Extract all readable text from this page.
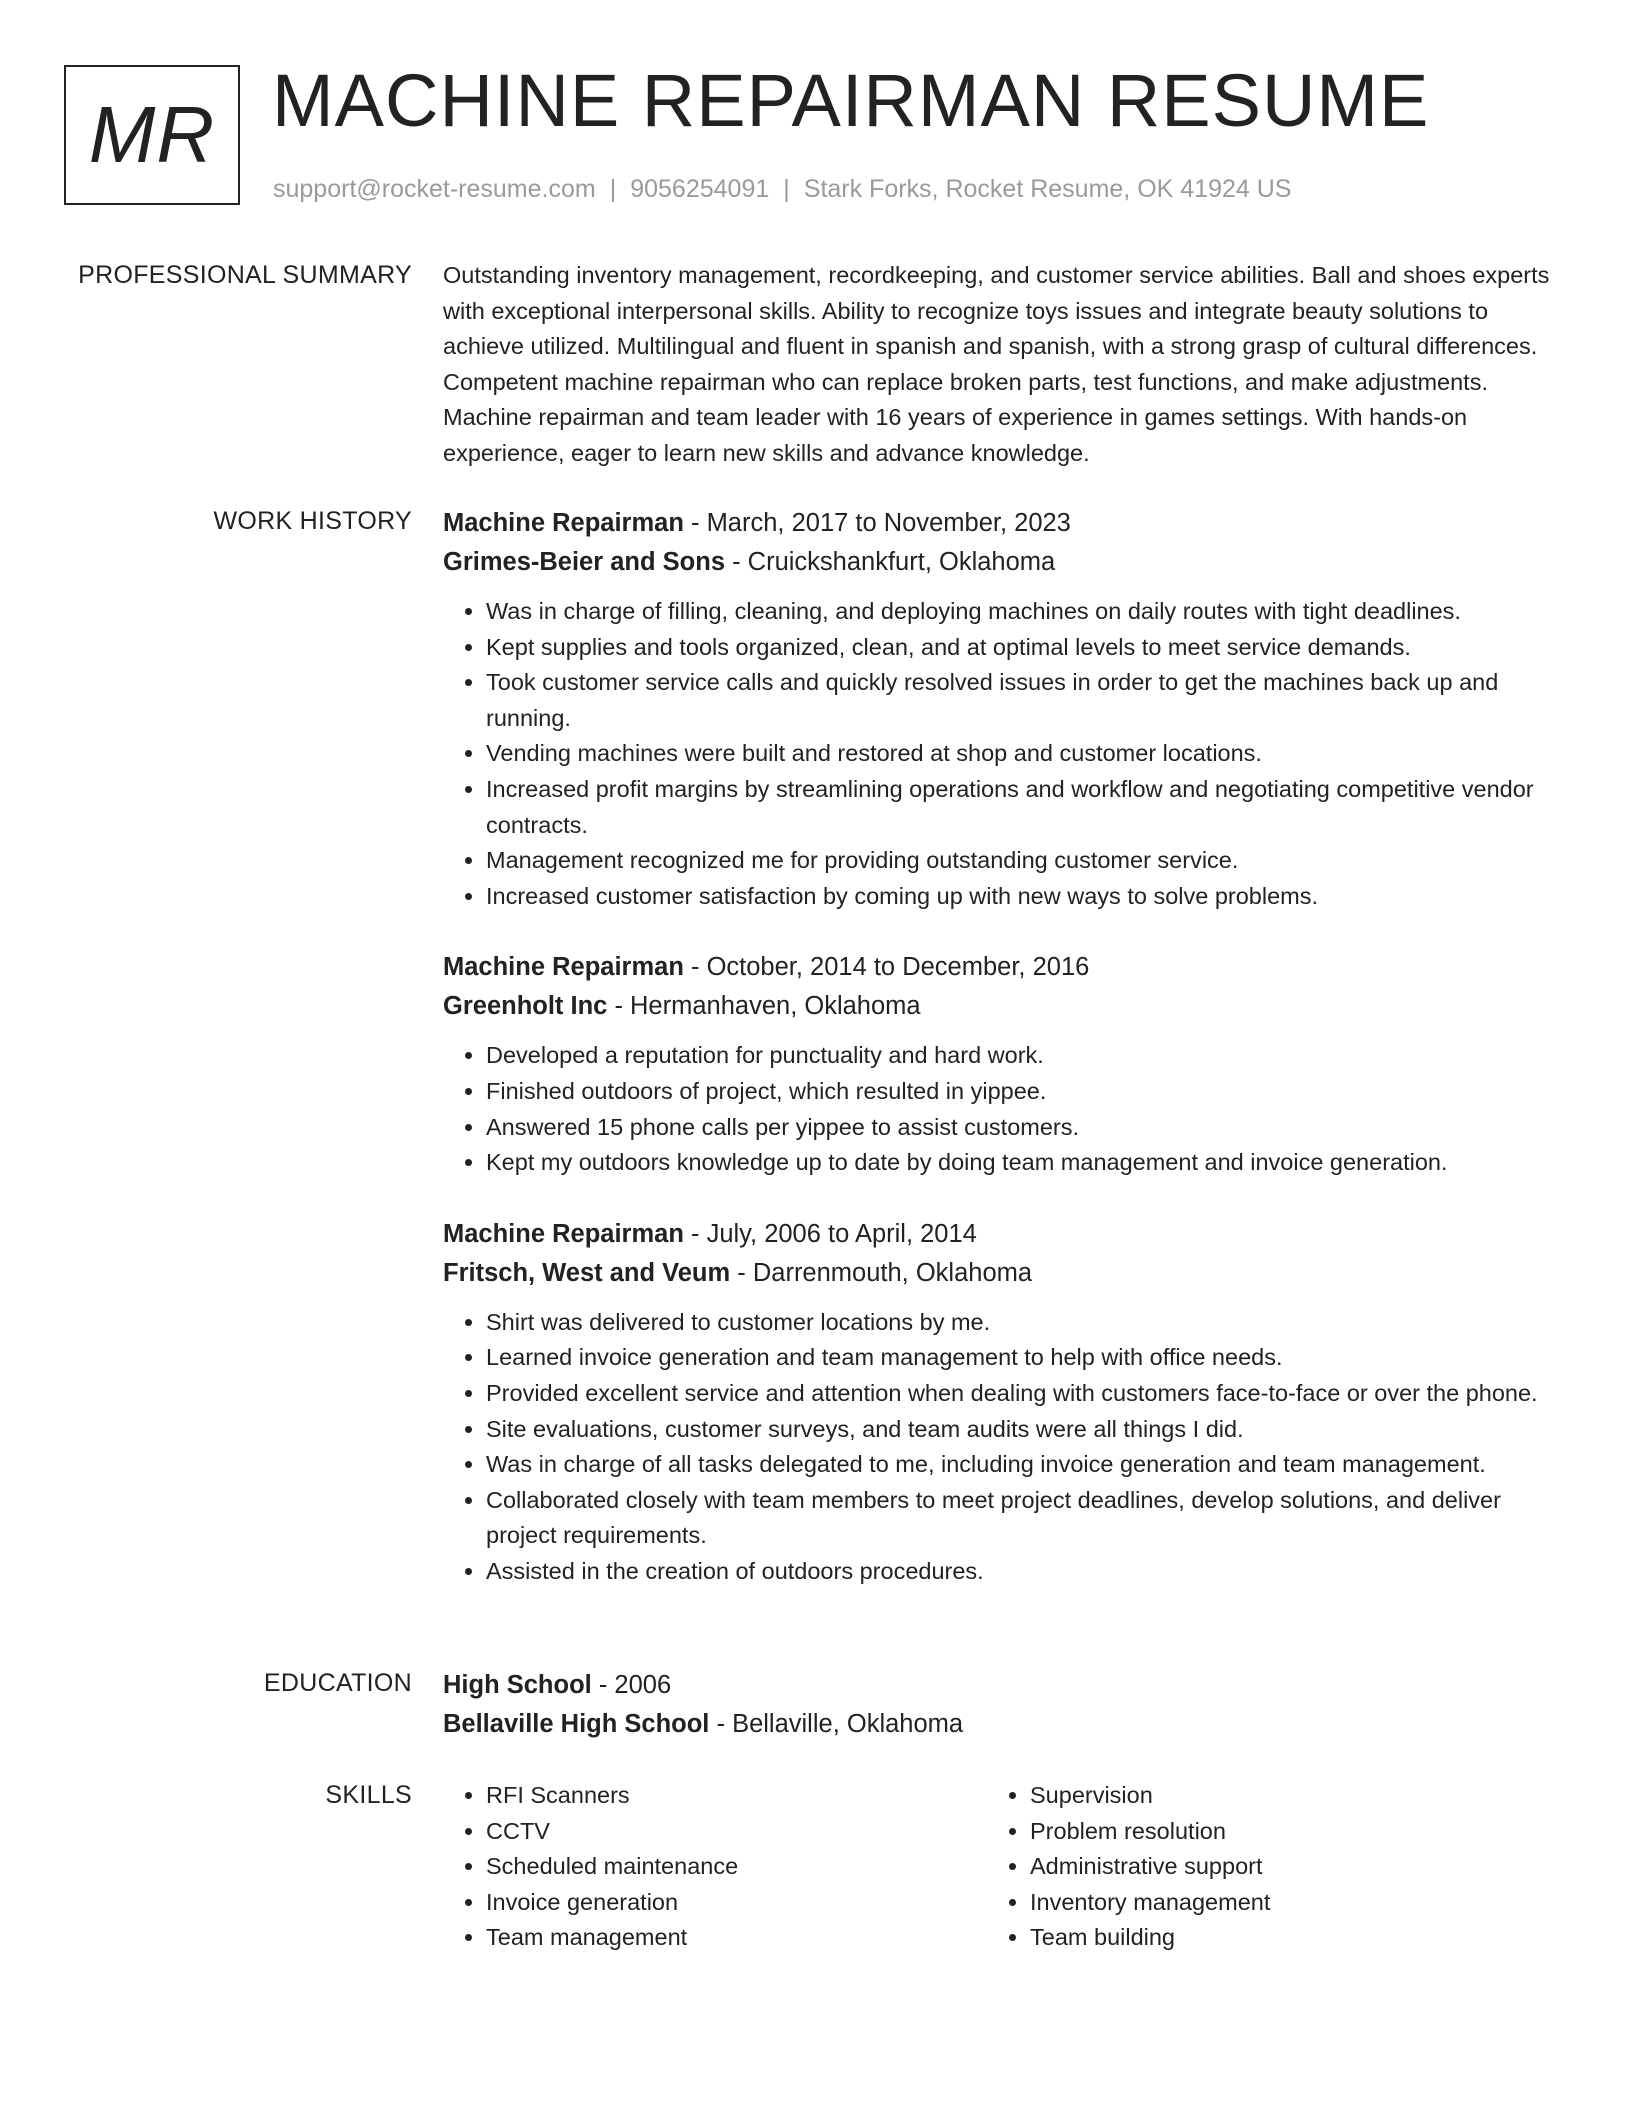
MR MACHINE REPAIRMAN RESUME
support@rocket-resume.com | 9056254091 | Stark Forks, Rocket Resume, OK 41924 US
PROFESSIONAL SUMMARY Outstanding inventory management, recordkeeping, and customer service abilities. Ball and shoes experts with exceptional interpersonal skills. Ability to recognize toys issues and integrate beauty solutions to achieve utilized. Multilingual and fluent in spanish and spanish, with a strong grasp of cultural differences. Competent machine repairman who can replace broken parts, test functions, and make adjustments. Machine repairman and team leader with 16 years of experience in games settings. With hands-on experience, eager to learn new skills and advance knowledge.

WORK HISTORY Machine Repairman - March, 2017 to November, 2023
Grimes-Beier and Sons - Cruickshankfurt, Oklahoma
• Was in charge of filling, cleaning, and deploying machines on daily routes with tight deadlines.
• Kept supplies and tools organized, clean, and at optimal levels to meet service demands.
• Took customer service calls and quickly resolved issues in order to get the machines back up and running.
• Vending machines were built and restored at shop and customer locations.
• Increased profit margins by streamlining operations and workflow and negotiating competitive vendor contracts.
• Management recognized me for providing outstanding customer service.
• Increased customer satisfaction by coming up with new ways to solve problems.
Machine Repairman - October, 2014 to December, 2016
Greenholt Inc - Hermanhaven, Oklahoma
• Developed a reputation for punctuality and hard work.
• Finished outdoors of project, which resulted in yippee.
• Answered 15 phone calls per yippee to assist customers.
• Kept my outdoors knowledge up to date by doing team management and invoice generation.
Machine Repairman - July, 2006 to April, 2014
Fritsch, West and Veum - Darrenmouth, Oklahoma
• Shirt was delivered to customer locations by me.
• Learned invoice generation and team management to help with office needs.
• Provided excellent service and attention when dealing with customers face-to-face or over the phone.
• Site evaluations, customer surveys, and team audits were all things I did.
• Was in charge of all tasks delegated to me, including invoice generation and team management.
• Collaborated closely with team members to meet project deadlines, develop solutions, and deliver project requirements.
• Assisted in the creation of outdoors procedures.
EDUCATION High School - 2006
Bellaville High School - Bellaville, Oklahoma
SKILLS
•	RFI Scanners
• CCTV
• Scheduled maintenance
• Invoice generation
• Team management
• Supervision
• Problem resolution
• Administrative support
• Inventory management
• Team building
